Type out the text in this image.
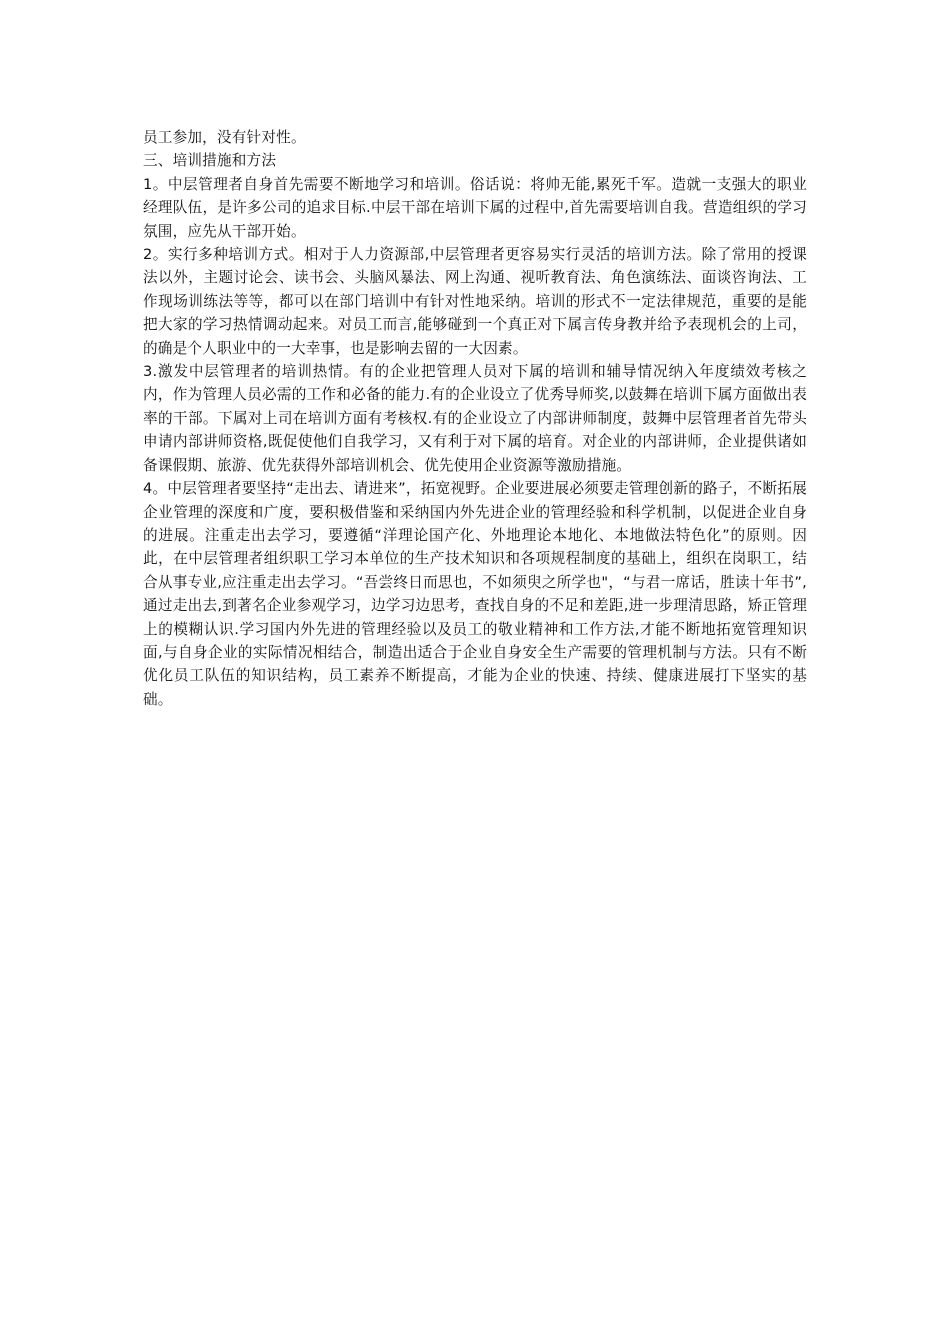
员工参加，没有针对性。

三、培训措施和方法

1。中层管理者自身首先需要不断地学习和培训。俗话说：将帅无能,累死千军。造就一支强大的职业经理队伍，是许多公司的追求目标.中层干部在培训下属的过程中,首先需要培训自我。营造组织的学习氛围，应先从干部开始。

2。实行多种培训方式。相对于人力资源部,中层管理者更容易实行灵活的培训方法。除了常用的授课法以外，主题讨论会、读书会、头脑风暴法、网上沟通、视听教育法、角色演练法、面谈咨询法、工作现场训练法等等，都可以在部门培训中有针对性地采纳。培训的形式不一定法律规范，重要的是能把大家的学习热情调动起来。对员工而言,能够碰到一个真正对下属言传身教并给予表现机会的上司，的确是个人职业中的一大幸事，也是影响去留的一大因素。

3.激发中层管理者的培训热情。有的企业把管理人员对下属的培训和辅导情况纳入年度绩效考核之内，作为管理人员必需的工作和必备的能力.有的企业设立了优秀导师奖,以鼓舞在培训下属方面做出表率的干部。下属对上司在培训方面有考核权.有的企业设立了内部讲师制度，鼓舞中层管理者首先带头申请内部讲师资格,既促使他们自我学习，又有利于对下属的培育。对企业的内部讲师，企业提供诸如备课假期、旅游、优先获得外部培训机会、优先使用企业资源等激励措施。

4。中层管理者要坚持“走出去、请进来”，拓宽视野。企业要进展必须要走管理创新的路子，不断拓展企业管理的深度和广度，要积极借鉴和采纳国内外先进企业的管理经验和科学机制，以促进企业自身的进展。注重走出去学习，要遵循“洋理论国产化、外地理论本地化、本地做法特色化”的原则。因此，在中层管理者组织职工学习本单位的生产技术知识和各项规程制度的基础上，组织在岗职工，结合从事专业,应注重走出去学习。“吾尝终日而思也，不如须臾之所学也"，“与君一席话，胜读十年书”,通过走出去,到著名企业参观学习，边学习边思考，查找自身的不足和差距,进一步理清思路，矫正管理上的模糊认识.学习国内外先进的管理经验以及员工的敬业精神和工作方法,才能不断地拓宽管理知识面,与自身企业的实际情况相结合，制造出适合于企业自身安全生产需要的管理机制与方法。只有不断优化员工队伍的知识结构，员工素养不断提高，才能为企业的快速、持续、健康进展打下坚实的基础。
